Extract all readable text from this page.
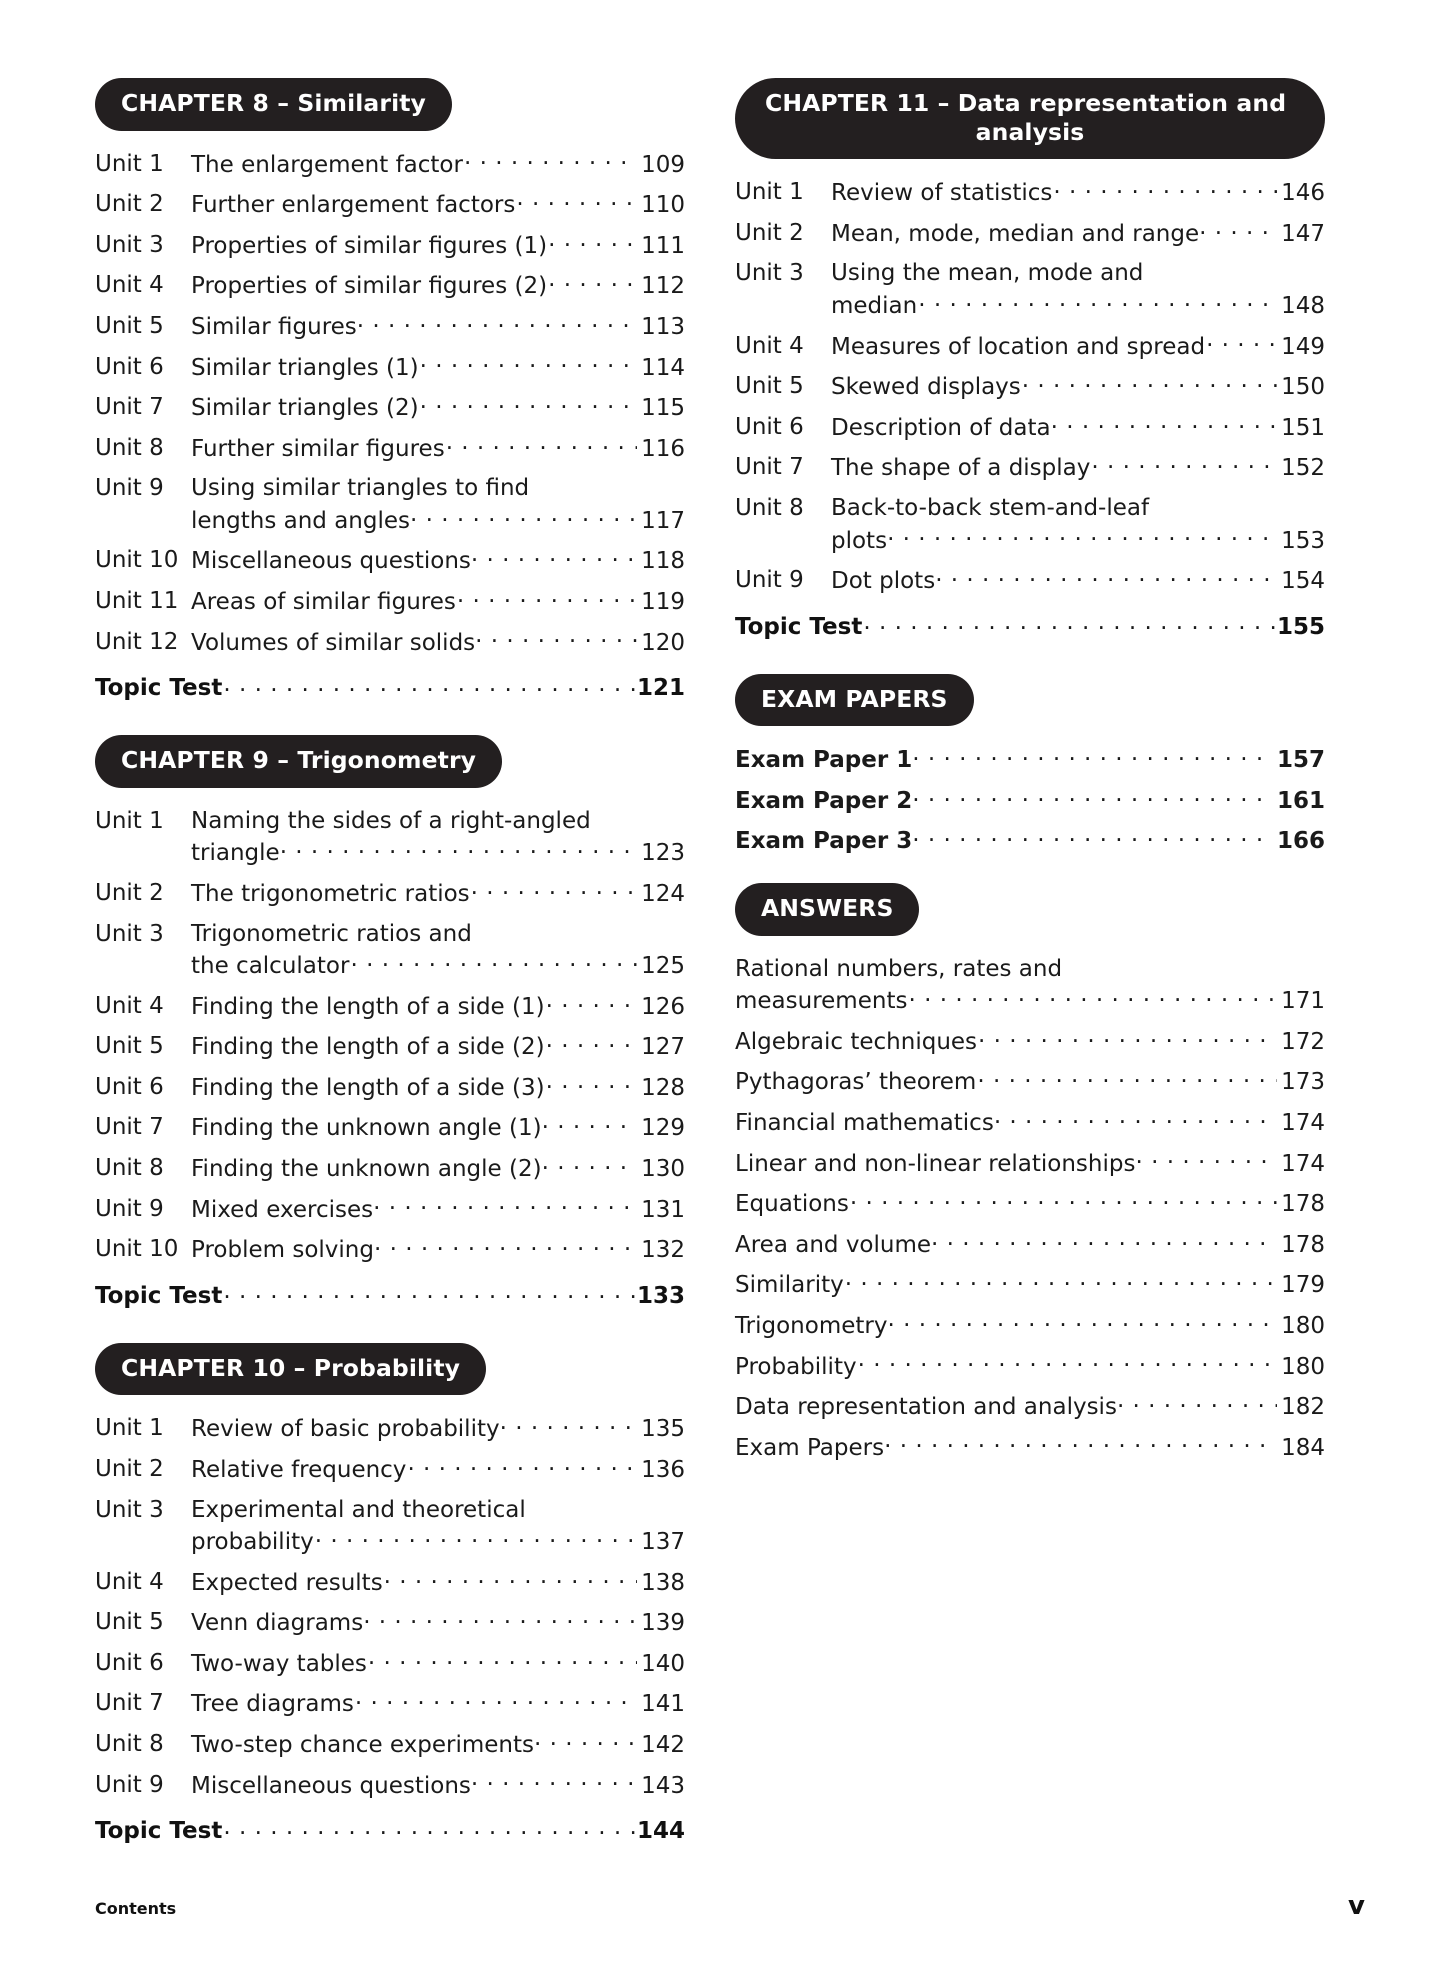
CHAPTER 8 – Similarity
Unit 1	The enlargement factor . . .	109
Unit 2	Further enlargement factors . . .	110
Unit 3	Properties of similar figures (1) . . .	111
Unit 4	Properties of similar figures (2) . . .	112
Unit 5	Similar figures . . .	113
Unit 6	Similar triangles (1) . . .	114
Unit 7	Similar triangles (2) . . .	115
Unit 8	Further similar figures . . .	116
Unit 9	Using similar triangles to find
lengths and angles . . .	117
Unit 10 Miscellaneous questions . . .	118
Unit 11 Areas of similar figures . . .	119
Unit 12 Volumes of similar solids . . .	120
Topic Test . . .	121
CHAPTER 9 – Trigonometry
Unit 1	Naming the sides of a right-angled
triangle . . .	123
Unit 2	The trigonometric ratios . . .	124
Unit 3	Trigonometric ratios and
the calculator . . .	125
Unit 4	Finding the length of a side (1) . . .	126
Unit 5	Finding the length of a side (2) . . .	127
Unit 6	Finding the length of a side (3) . . .	128
Unit 7	Finding the unknown angle (1) . . .	129
Unit 8	Finding the unknown angle (2) . . .	130
Unit 9	Mixed exercises . . .	131
Unit 10 Problem solving . . .	132
Topic Test . . .	133
CHAPTER 10 – Probability
Unit 1	Review of basic probability . . .	135
Unit 2	Relative frequency . . .	136
Unit 3	Experimental and theoretical
probability . . .	137
Unit 4	Expected results . . .	138
Unit 5	Venn diagrams . . .	139
Unit 6	Two-way tables . . .	140
Unit 7	Tree diagrams . . .	141
Unit 8	Two-step chance experiments . . .	142
Unit 9	Miscellaneous questions . . .	143
Topic Test . . .	144
CHAPTER 11 – Data representation and
analysis
Unit 1	Review of statistics . . .	146
Unit 2	Mean, mode, median and range . . .	147
Unit 3	Using the mean, mode and
median . . .	148
Unit 4	Measures of location and spread . . .	149
Unit 5	Skewed displays . . .	150
Unit 6	Description of data . . .	151
Unit 7	The shape of a display . . .	152
Unit 8	Back-to-back stem-and-leaf
plots . . .	153
Unit 9	Dot plots . . .	154
Topic Test . . .	155
EXAM PAPERS
Exam Paper 1 . . .	157
Exam Paper 2 . . .	161
Exam Paper 3 . . .	166
ANSWERS
Rational numbers, rates and
measurements . . .	171
Algebraic techniques . . .	172
Pythagoras’ theorem . . .	173
Financial mathematics . . .	174
Linear and non-linear relationships . . .	174
Equations . . .	178
Area and volume . . .	178
Similarity . . .	179
Trigonometry . . .	180
Probability . . .	180
Data representation and analysis . . .	182
Exam Papers . . .	184
Contents	v
